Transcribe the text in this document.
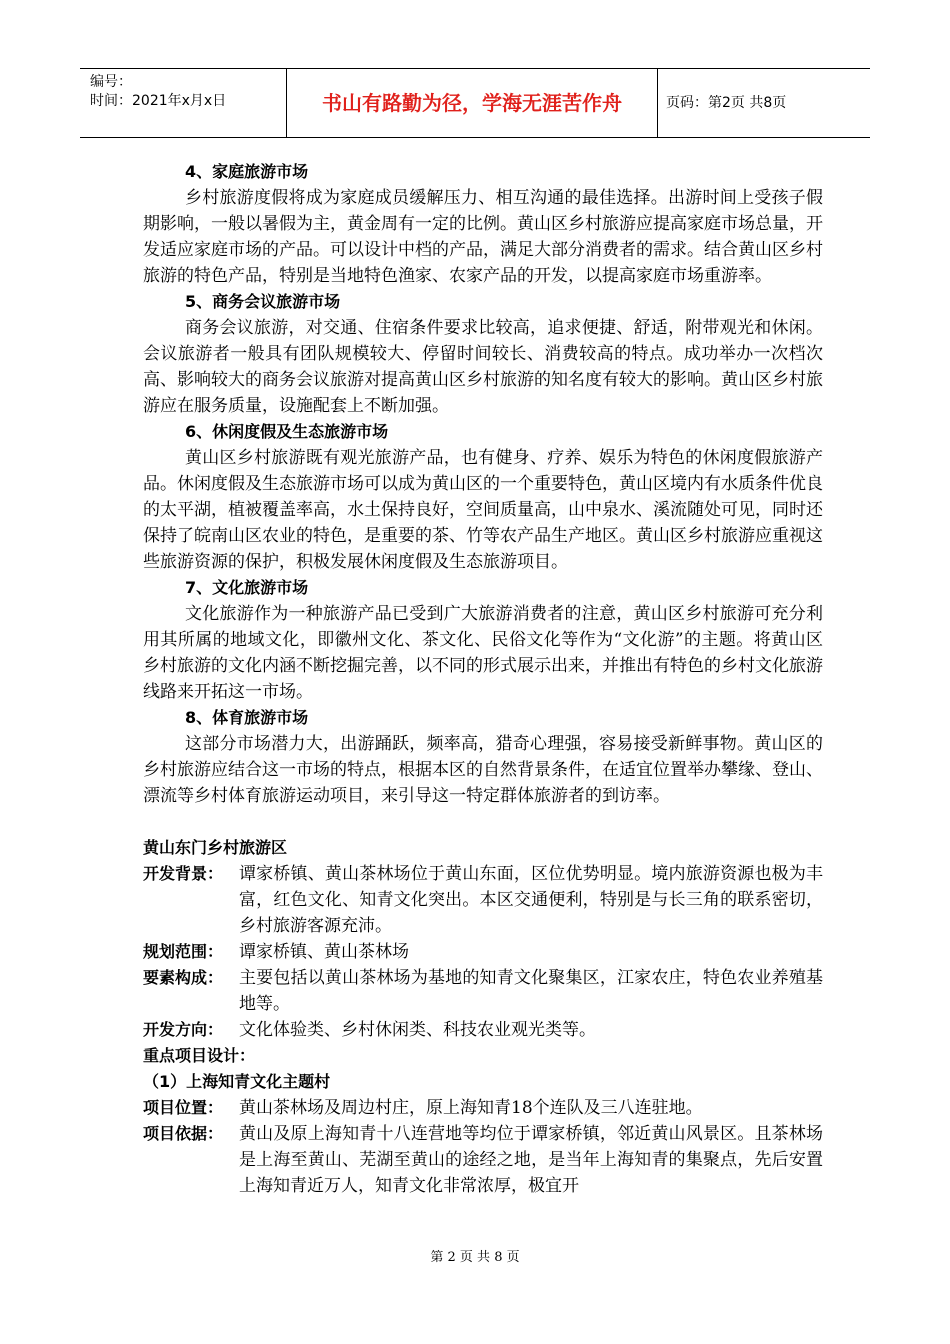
编号：
时间：2021年x月x日	书山有路勤为径，学海无涯苦作舟	页码：第2页 共8页
4、家庭旅游市场

乡村旅游度假将成为家庭成员缓解压力、相互沟通的最佳选择。出游时间上受孩子假期影响，一般以暑假为主，黄金周有一定的比例。黄山区乡村旅游应提高家庭市场总量，开发适应家庭市场的产品。可以设计中档的产品，满足大部分消费者的需求。结合黄山区乡村旅游的特色产品，特别是当地特色渔家、农家产品的开发，以提高家庭市场重游率。

5、商务会议旅游市场

商务会议旅游，对交通、住宿条件要求比较高，追求便捷、舒适，附带观光和休闲。会议旅游者一般具有团队规模较大、停留时间较长、消费较高的特点。成功举办一次档次高、影响较大的商务会议旅游对提高黄山区乡村旅游的知名度有较大的影响。黄山区乡村旅游应在服务质量，设施配套上不断加强。

6、休闲度假及生态旅游市场

黄山区乡村旅游既有观光旅游产品，也有健身、疗养、娱乐为特色的休闲度假旅游产品。休闲度假及生态旅游市场可以成为黄山区的一个重要特色，黄山区境内有水质条件优良的太平湖，植被覆盖率高，水土保持良好，空间质量高，山中泉水、溪流随处可见，同时还保持了皖南山区农业的特色，是重要的茶、竹等农产品生产地区。黄山区乡村旅游应重视这些旅游资源的保护，积极发展休闲度假及生态旅游项目。

7、文化旅游市场

文化旅游作为一种旅游产品已受到广大旅游消费者的注意，黄山区乡村旅游可充分利用其所属的地域文化，即徽州文化、茶文化、民俗文化等作为“文化游”的主题。将黄山区乡村旅游的文化内涵不断挖掘完善，以不同的形式展示出来，并推出有特色的乡村文化旅游线路来开拓这一市场。

8、体育旅游市场

这部分市场潜力大，出游踊跃，频率高，猎奇心理强，容易接受新鲜事物。黄山区的乡村旅游应结合这一市场的特点，根据本区的自然背景条件，在适宜位置举办攀缘、登山、漂流等乡村体育旅游运动项目，来引导这一特定群体旅游者的到访率。

黄山东门乡村旅游区
开发背景： 谭家桥镇、黄山茶林场位于黄山东面，区位优势明显。境内旅游资源也极为丰富，红色文化、知青文化突出。本区交通便利，特别是与长三角的联系密切，乡村旅游客源充沛。
规划范围： 谭家桥镇、黄山茶林场
要素构成： 主要包括以黄山茶林场为基地的知青文化聚集区，江家农庄，特色农业养殖基地等。
开发方向： 文化体验类、乡村休闲类、科技农业观光类等。
重点项目设计：
（1）上海知青文化主题村
项目位置： 黄山茶林场及周边村庄，原上海知青18个连队及三八连驻地。
项目依据： 黄山及原上海知青十八连营地等均位于谭家桥镇，邻近黄山风景区。且茶林场是上海至黄山、芜湖至黄山的途经之地，是当年上海知青的集聚点，先后安置上海知青近万人，知青文化非常浓厚，极宜开
第 2 页 共 8 页
